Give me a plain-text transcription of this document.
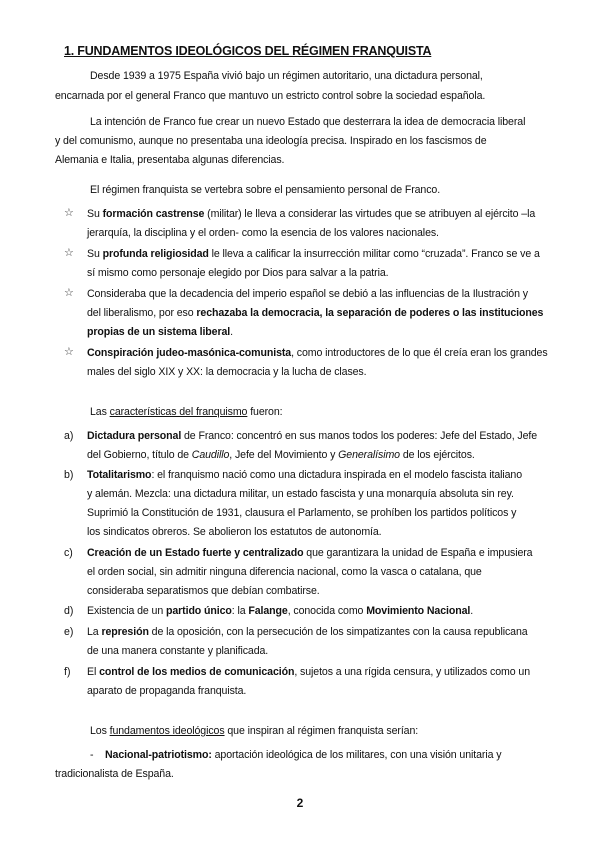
1. FUNDAMENTOS IDEOLÓGICOS DEL RÉGIMEN FRANQUISTA
Desde 1939 a 1975 España vivió bajo un régimen autoritario, una dictadura personal,
encarnada por el general Franco que mantuvo un estricto control sobre la sociedad española.
La intención de Franco fue crear un nuevo Estado que desterrara la idea de democracia liberal
y del comunismo, aunque no presentaba una ideología precisa. Inspirado en los fascismos de
Alemania e Italia, presentaba algunas diferencias.
El régimen franquista se vertebra sobre el pensamiento personal de Franco.
☆ Su formación castrense (militar) le lleva a considerar las virtudes que se atribuyen al ejército –la
jerarquía, la disciplina y el orden- como la esencia de los valores nacionales.
☆ Su profunda religiosidad le lleva a calificar la insurrección militar como “cruzada”. Franco se ve a
sí mismo como personaje elegido por Dios para salvar a la patria.
☆ Consideraba que la decadencia del imperio español se debió a las influencias de la Ilustración y
del liberalismo, por eso rechazaba la democracia, la separación de poderes o las instituciones
propias de un sistema liberal.
☆ Conspiración judeo-masónica-comunista, como introductores de lo que él creía eran los grandes
males del siglo XIX y XX: la democracia y la lucha de clases.
Las características del franquismo fueron:
a) Dictadura personal de Franco: concentró en sus manos todos los poderes: Jefe del Estado, Jefe
del Gobierno, título de Caudillo, Jefe del Movimiento y Generalísimo de los ejércitos.
b) Totalitarismo: el franquismo nació como una dictadura inspirada en el modelo fascista italiano
y alemán. Mezcla: una dictadura militar, un estado fascista y una monarquía absoluta sin rey.
Suprimió la Constitución de 1931, clausura el Parlamento, se prohíben los partidos políticos y
los sindicatos obreros. Se abolieron los estatutos de autonomía.
c) Creación de un Estado fuerte y centralizado que garantizara la unidad de España e impusiera
el orden social, sin admitir ninguna diferencia nacional, como la vasca o catalana, que
consideraba separatismos que debían combatirse.
d) Existencia de un partido único: la Falange, conocida como Movimiento Nacional.
e) La represión de la oposición, con la persecución de los simpatizantes con la causa republicana
de una manera constante y planificada.
f) El control de los medios de comunicación, sujetos a una rígida censura, y utilizados como un
aparato de propaganda franquista.
Los fundamentos ideológicos que inspiran al régimen franquista serían:
- Nacional-patriotismo: aportación ideológica de los militares, con una visión unitaria y
tradicionalista de España.
2
